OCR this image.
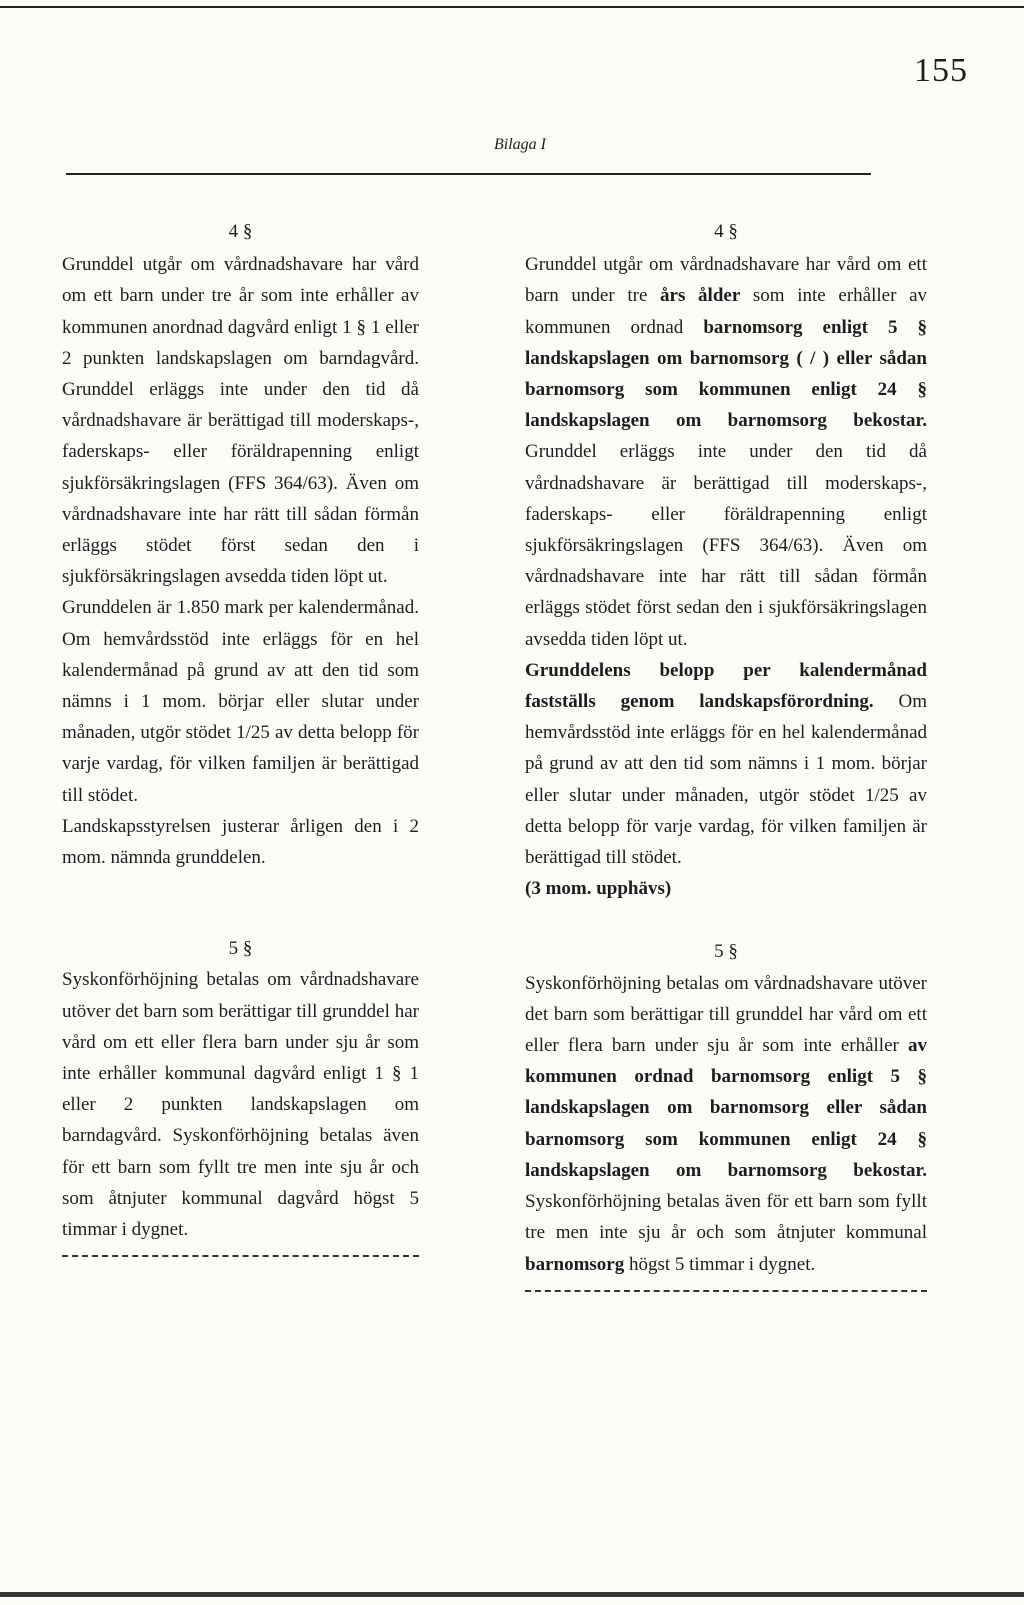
155
Bilaga I
4 §

Grunddel utgår om vårdnadshavare har vård om ett barn under tre år som inte erhåller av kommunen anordnad dagvård enligt 1 § 1 eller 2 punkten landskapslagen om barndagvård. Grunddel erläggs inte under den tid då vårdnadshavare är berättigad till moderskaps-, faderskaps- eller föräldrapenning enligt sjukförsäkringslagen (FFS 364/63). Även om vårdnadshavare inte har rätt till sådan förmån erläggs stödet först sedan den i sjukförsäkringslagen avsedda tiden löpt ut.

Grunddelen är 1.850 mark per kalendermånad. Om hemvårdsstöd inte erläggs för en hel kalendermånad på grund av att den tid som nämns i 1 mom. börjar eller slutar under månaden, utgör stödet 1/25 av detta belopp för varje vardag, för vilken familjen är berättigad till stödet.

Landskapsstyrelsen justerar årligen den i 2 mom. nämnda grunddelen.

5 §

Syskonförhöjning betalas om vårdnadshavare utöver det barn som berättigar till grunddel har vård om ett eller flera barn under sju år som inte erhåller kommunal dagvård enligt 1 § 1 eller 2 punkten landskapslagen om barndagvård. Syskonförhöjning betalas även för ett barn som fyllt tre men inte sju år och som åtnjuter kommunal dagvård högst 5 timmar i dygnet.

4 §

Grunddel utgår om vårdnadshavare har vård om ett barn under tre års ålder som inte erhåller av kommunen ordnad barnomsorg enligt 5 § landskapslagen om barnomsorg ( / ) eller sådan barnomsorg som kommunen enligt 24 § landskapslagen om barnomsorg bekostar. Grunddel erläggs inte under den tid då vårdnadshavare är berättigad till moderskaps-, faderskaps- eller föräldrapenning enligt sjukförsäkringslagen (FFS 364/63). Även om vårdnadshavare inte har rätt till sådan förmån erläggs stödet först sedan den i sjukförsäkringslagen avsedda tiden löpt ut.

Grunddelens belopp per kalendermånad fastställs genom landskapsförordning. Om hemvårdsstöd inte erläggs för en hel kalendermånad på grund av att den tid som nämns i 1 mom. börjar eller slutar under månaden, utgör stödet 1/25 av detta belopp för varje vardag, för vilken familjen är berättigad till stödet.

(3 mom. upphävs)

5 §

Syskonförhöjning betalas om vårdnadshavare utöver det barn som berättigar till grunddel har vård om ett eller flera barn under sju år som inte erhåller av kommunen ordnad barnomsorg enligt 5 § landskapslagen om barnomsorg eller sådan barnomsorg som kommunen enligt 24 § landskapslagen om barnomsorg bekostar. Syskonförhöjning betalas även för ett barn som fyllt tre men inte sju år och som åtnjuter kommunal barnomsorg högst 5 timmar i dygnet.
